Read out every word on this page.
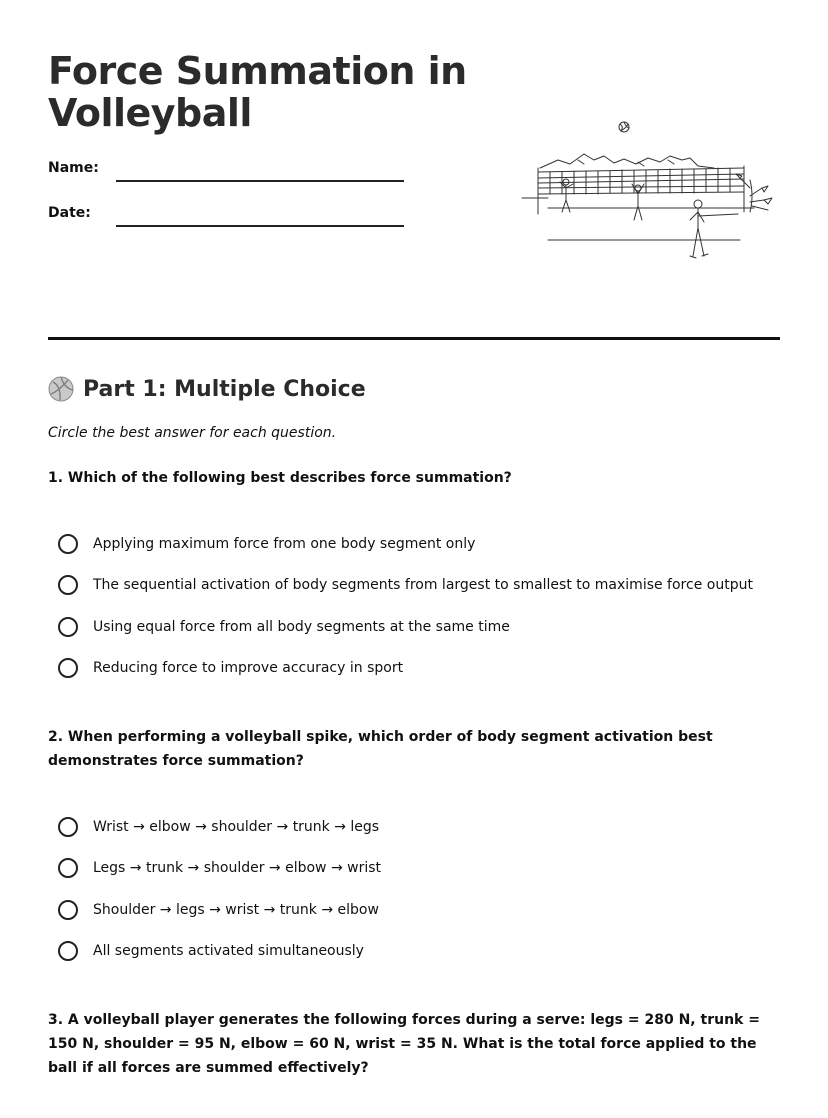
Force Summation in Volleyball
Name:
Date:
Part 1: Multiple Choice
Circle the best answer for each question.

1. Which of the following best describes force summation?

Applying maximum force from one body segment only
The sequential activation of body segments from largest to smallest to maximise force output
Using equal force from all body segments at the same time
Reducing force to improve accuracy in sport

2. When performing a volleyball spike, which order of body segment activation best demonstrates force summation?

Wrist → elbow → shoulder → trunk → legs
Legs → trunk → shoulder → elbow → wrist
Shoulder → legs → wrist → trunk → elbow
All segments activated simultaneously

3. A volleyball player generates the following forces during a serve: legs = 280 N, trunk = 150 N, shoulder = 95 N, elbow = 60 N, wrist = 35 N. What is the total force applied to the ball if all forces are summed effectively?
